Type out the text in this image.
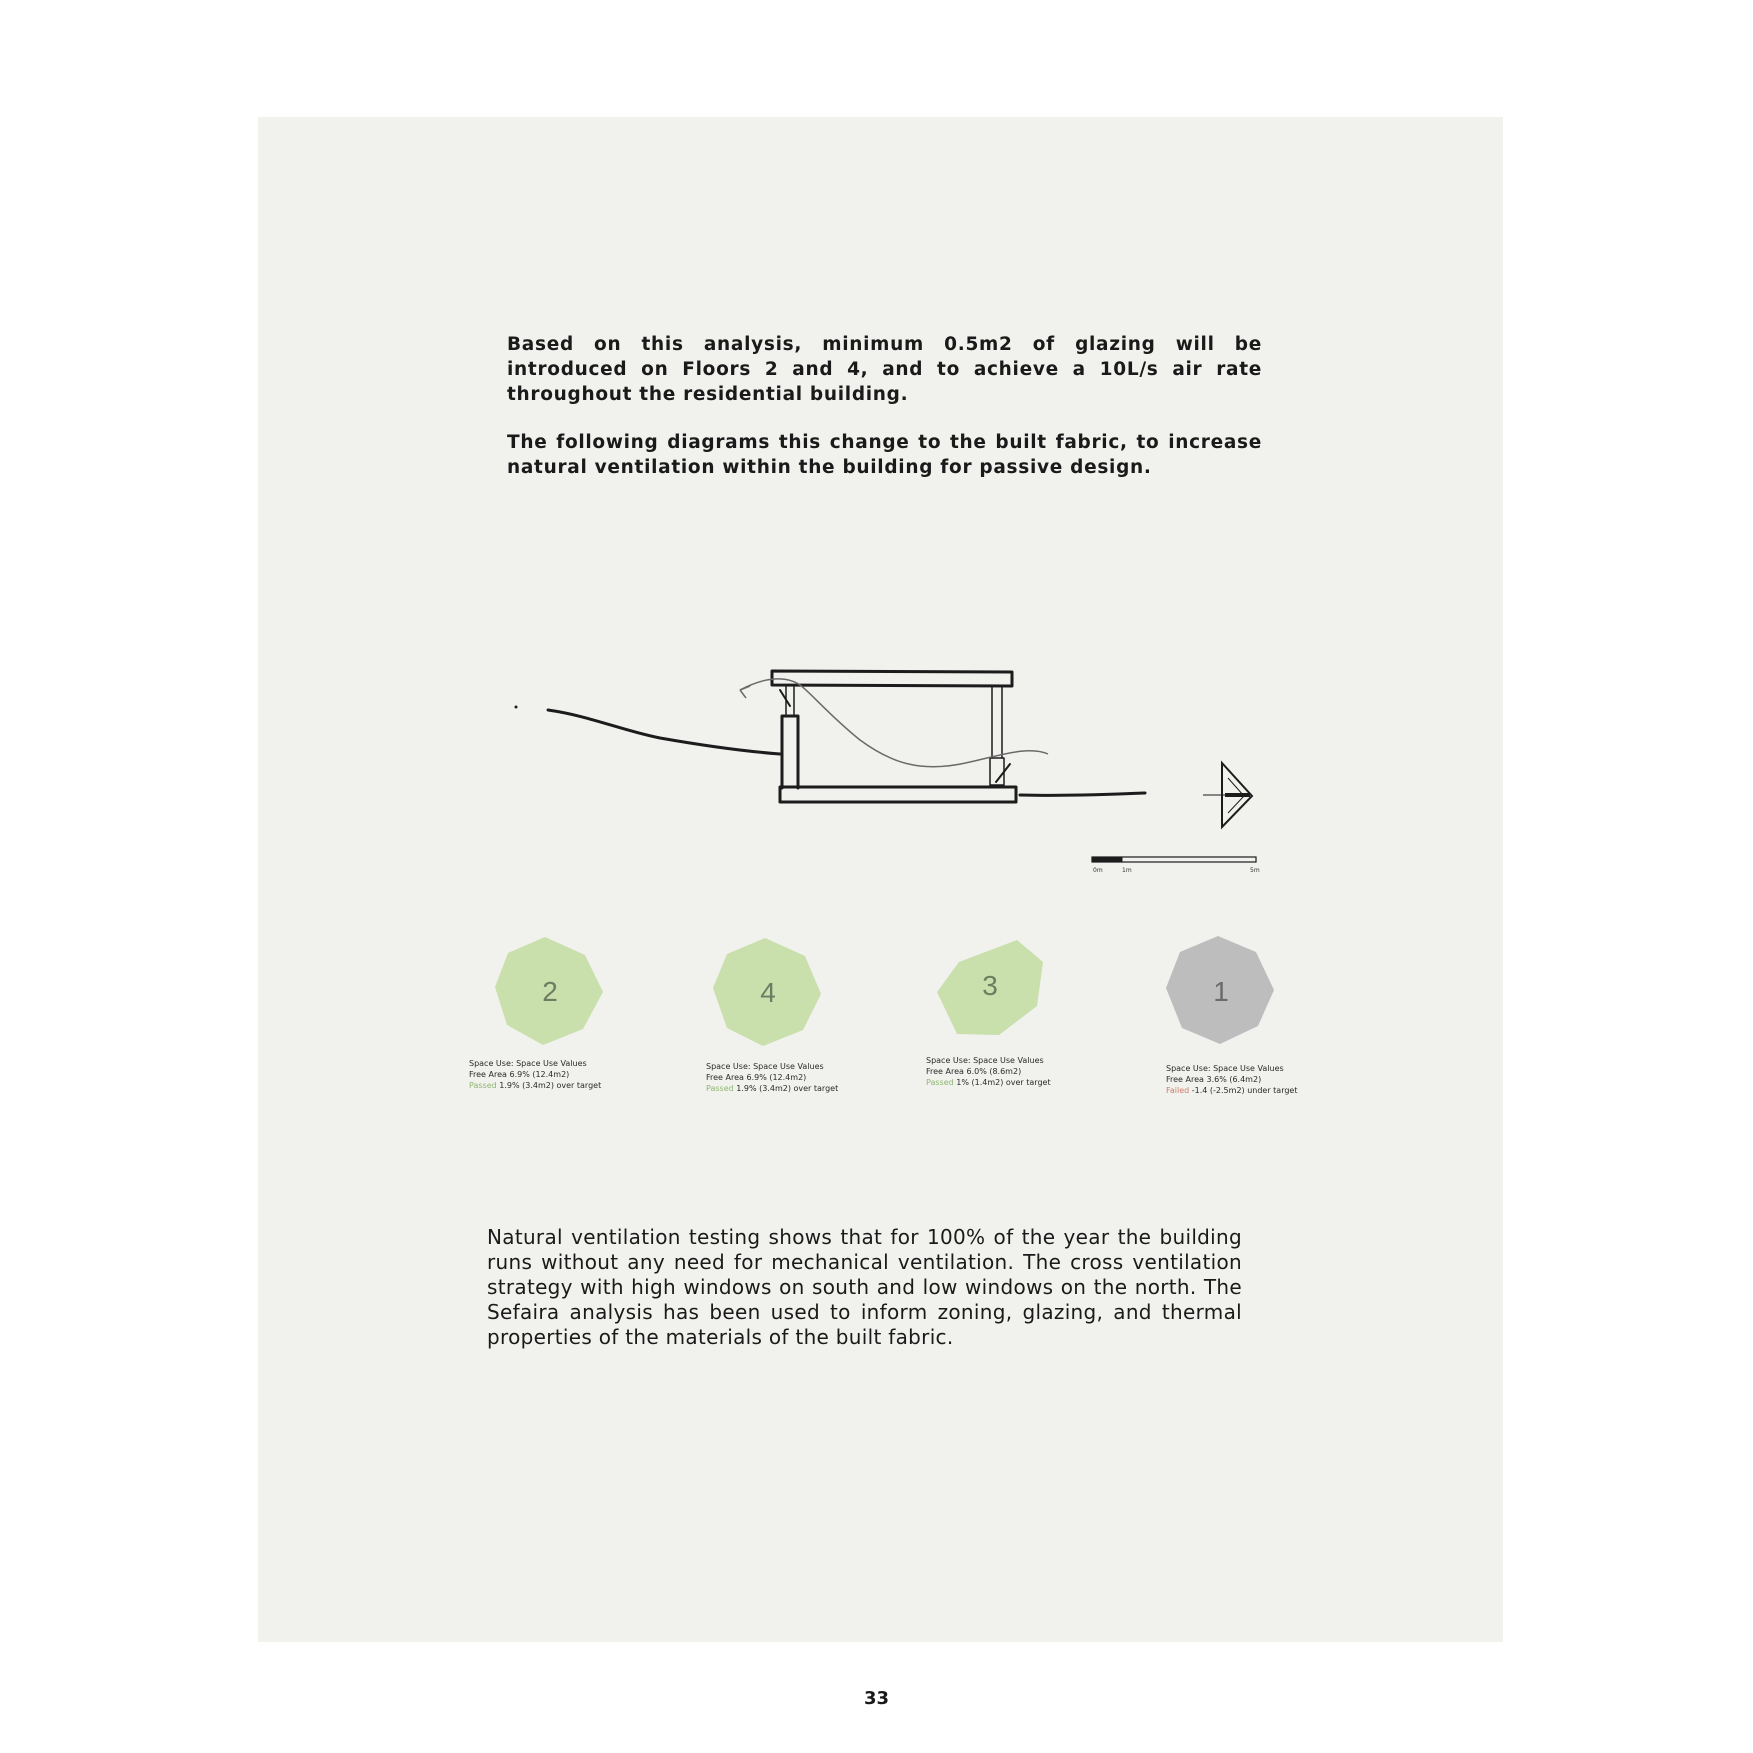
Based on this analysis, minimum 0.5m2 of glazing will be introduced on Floors 2 and 4, and to achieve a 10L/s air rate throughout the residential building.

The following diagrams this change to the built fabric, to increase natural ventilation within the building for passive design.

0m	1m	5m
2
Space Use: Space Use Values
Free Area 6.9% (12.4m2)
Passed 1.9% (3.4m2) over target
4
Space Use: Space Use Values
Free Area 6.9% (12.4m2)
Passed 1.9% (3.4m2) over target
3
Space Use: Space Use Values
Free Area 6.0% (8.6m2)
Passed 1% (1.4m2) over target
1
Space Use: Space Use Values
Free Area 3.6% (6.4m2)
Failed -1.4 (-2.5m2) under target

Natural ventilation testing shows that for 100% of the year the building runs without any need for mechanical ventilation. The cross ventilation strategy with high windows on south and low windows on the north. The Sefaira analysis has been used to inform zoning, glazing, and thermal properties of the materials of the built fabric.

33
